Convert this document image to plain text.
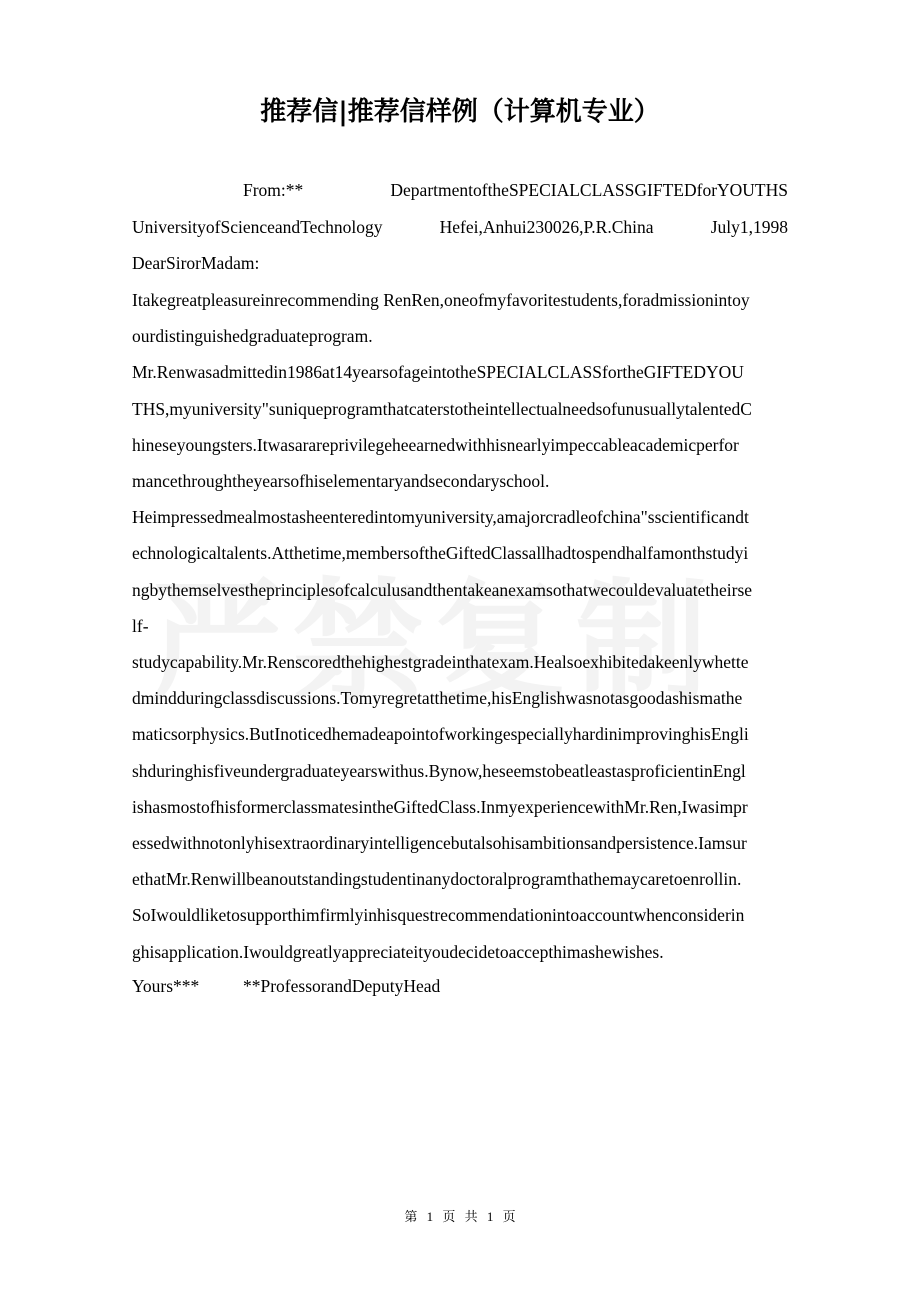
推荐信|推荐信样例（计算机专业）
From:**	DepartmentoftheSPECIALCLASSGIFTEDforYOUTHS
UniversityofScienceandTechnology	Hefei,Anhui230026,P.R.China	July1,1998
DearSirorMadam:
Itakegreatpleasureinrecommending RenRen,oneofmyfavoritestudents,foradmissionintoy
ourdistinguishedgraduateprogram.
Mr.Renwasadmittedin1986at14yearsofageintotheSPECIALCLASSfortheGIFTEDYOU
THS,myuniversity"suniqueprogramthatcaterstotheintellectualneedsofunusuallytalentedC
hineseyoungsters.Itwasarareprivilegeheearnedwithhisnearlyimpeccableacademicperfor
mancethroughtheyearsofhiselementaryandsecondaryschool.
Heimpressedmealmostasheenteredintomyuniversity,amajorcradleofchina"sscientificandt
echnologicaltalents.Atthetime,membersoftheGiftedClassallhadtospendhalfamonthstudyi
ngbythemselvestheprinciplesofcalculusandthentakeanexamsothatwecouldevaluatetheirse
lf-
studycapability.Mr.Renscoredthehighestgradeinthatexam.Healsoexhibitedakeenlywhette
dmindduringclassdiscussions.Tomyregretatthetime,hisEnglishwasnotasgoodashismathe
maticsorphysics.ButInoticedhemadeapointofworkingespeciallyhardinimprovinghisEngli
shduringhisfiveundergraduateyearswithus.Bynow,heseemstobeatleastasproficientinEngl
ishasmostofhisformerclassmatesintheGiftedClass.InmyexperiencewithMr.Ren,Iwasimpr
essedwithnotonlyhisextraordinaryintelligencebutalsohisambitionsandpersistence.Iamsur
ethatMr.Renwillbeanoutstandingstudentinanydoctoralprogramthathemaycaretoenrollin.
SoIwouldliketosupporthimfirmlyinhisquestrecommendationintoaccountwhenconsiderin
ghisapplication.Iwouldgreatlyappreciateityoudecidetoaccepthimashewishes.
Yours*** **ProfessorandDeputyHead
第 1 页 共 1 页
